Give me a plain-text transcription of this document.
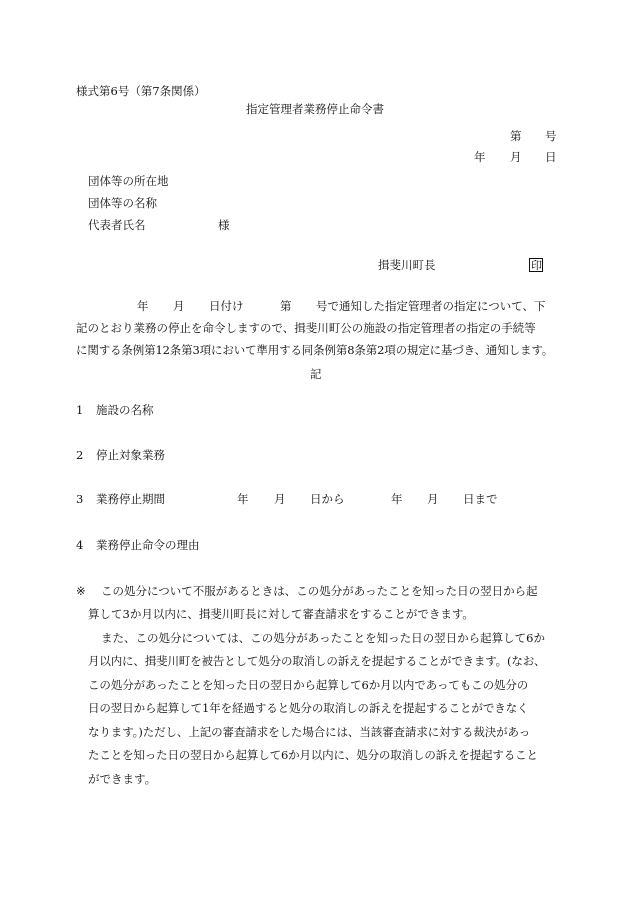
様式第6号（第7条関係）
指定管理者業務停止命令書
第 号
年 月 日
団体等の所在地
団体等の名称
代表者氏名	様
揖斐川町長	印
年 月 日付け	第 号で通知した指定管理者の指定について、下
記のとおり業務の停止を命令しますので、揖斐川町公の施設の指定管理者の指定の手続等
に関する条例第12条第3項において準用する同条例第8条第2項の規定に基づき、通知します。
記
1 施設の名称
2 停止対象業務
3 業務停止期間	年 月 日から	年 月 日まで
4 業務停止命令の理由
※ この処分について不服があるときは、この処分があったことを知った日の翌日から起
算して3か月以内に、揖斐川町長に対して審査請求をすることができます。
また、この処分については、この処分があったことを知った日の翌日から起算して6か
月以内に、揖斐川町を被告として処分の取消しの訴えを提起することができます。(なお、
この処分があったことを知った日の翌日から起算して6か月以内であってもこの処分の
日の翌日から起算して1年を経過すると処分の取消しの訴えを提起することができなく
なります。)ただし、上記の審査請求をした場合には、当該審査請求に対する裁決があっ
たことを知った日の翌日から起算して6か月以内に、処分の取消しの訴えを提起すること
ができます。
